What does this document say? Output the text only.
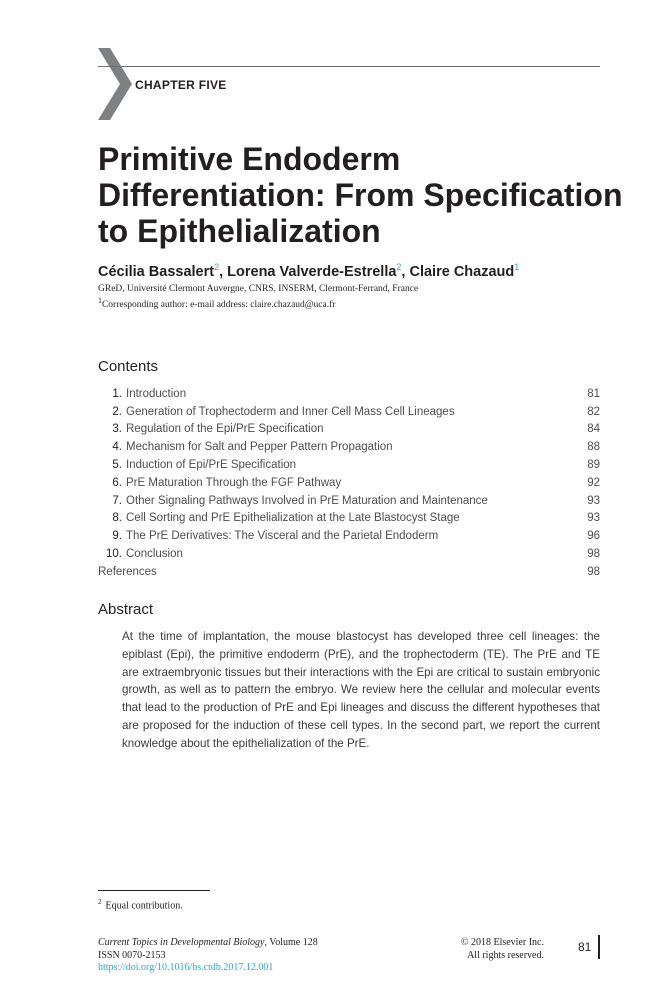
CHAPTER FIVE
Primitive Endoderm
Differentiation: From Specification
to Epithelialization
Cécilia Bassalert$^2$, Lorena Valverde-Estrella$^2$, Claire Chazaud$^1$
GReD, Université Clermont Auvergne, CNRS, INSERM, Clermont-Ferrand, France
$^1$Corresponding author: e-mail address: claire.chazaud@uca.fr
Contents
1. Introduction	81
2. Generation of Trophectoderm and Inner Cell Mass Cell Lineages	82
3. Regulation of the Epi/PrE Specification	84
4. Mechanism for Salt and Pepper Pattern Propagation	88
5. Induction of Epi/PrE Specification	89
6. PrE Maturation Through the FGF Pathway	92
7. Other Signaling Pathways Involved in PrE Maturation and Maintenance	93
8. Cell Sorting and PrE Epithelialization at the Late Blastocyst Stage	93
9. The PrE Derivatives: The Visceral and the Parietal Endoderm	96
10. Conclusion	98
References	98
Abstract

At the time of implantation, the mouse blastocyst has developed three cell lineages: the epiblast (Epi), the primitive endoderm (PrE), and the trophectoderm (TE). The PrE and TE are extraembryonic tissues but their interactions with the Epi are critical to sustain embryonic growth, as well as to pattern the embryo. We review here the cellular and molecular events that lead to the production of PrE and Epi lineages and discuss the different hypotheses that are proposed for the induction of these cell types. In the second part, we report the current knowledge about the epithelialization of the PrE.

$^2$ Equal contribution.
Current Topics in Developmental Biology, Volume 128
ISSN 0070-2153
https://doi.org/10.1016/bs.ctdb.2017.12.001
© 2018 Elsevier Inc.
All rights reserved.
81
